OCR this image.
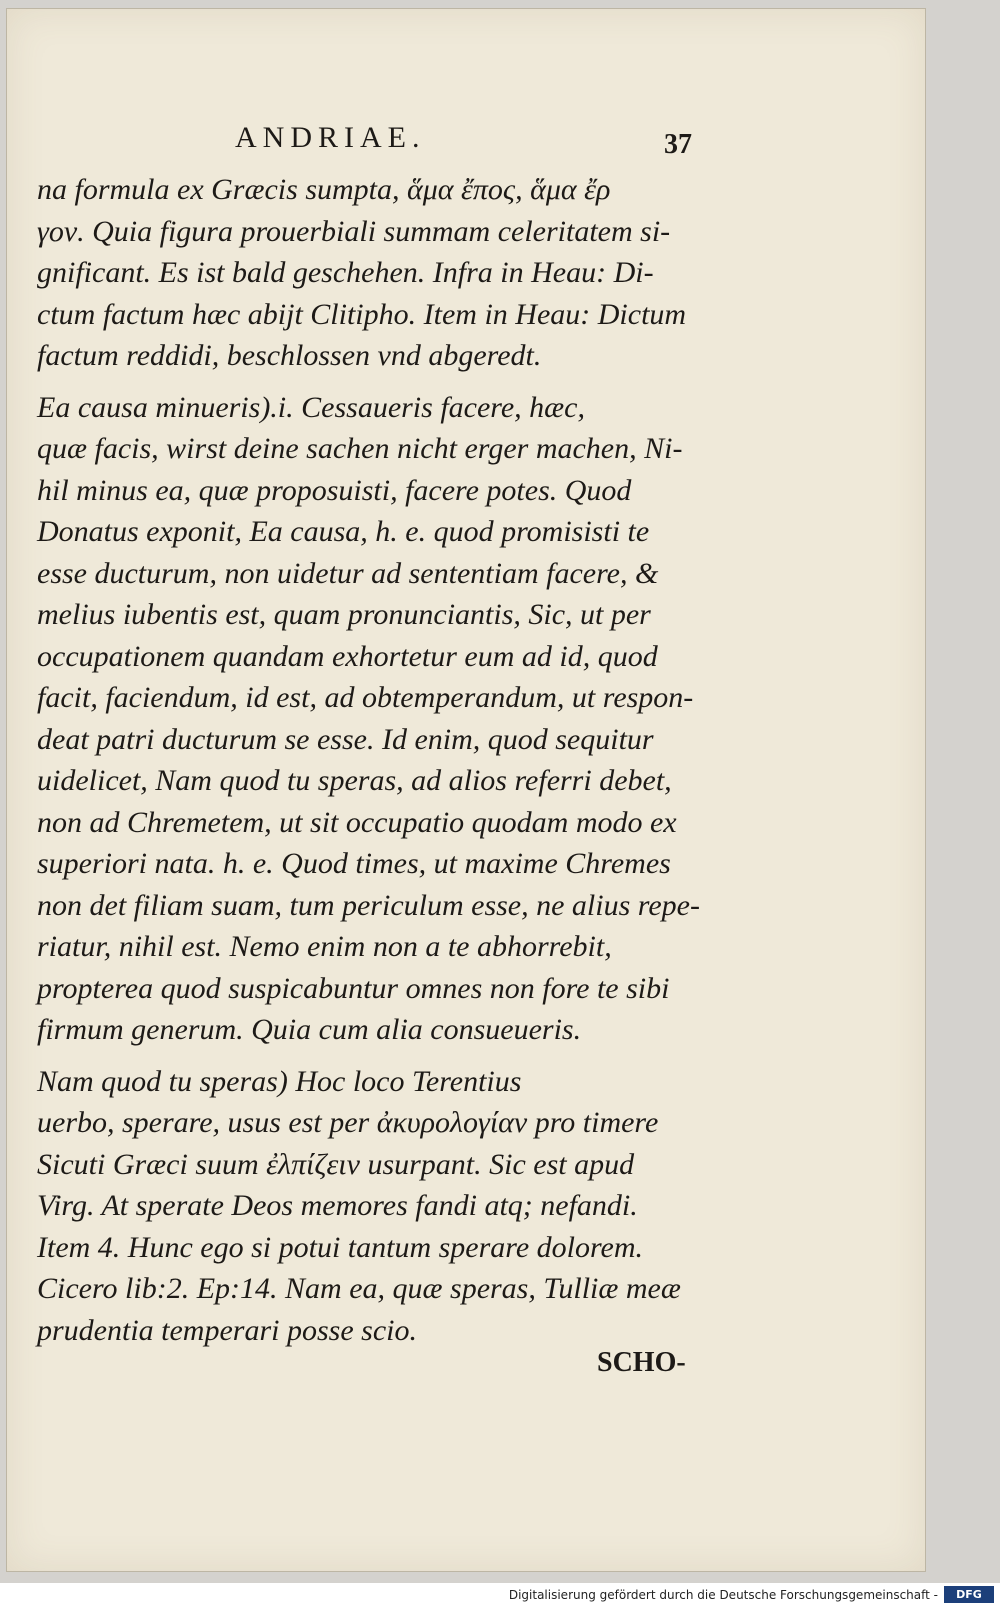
ANDRIAE.	37
na formula ex Græcis sumpta, ἅμα ἔπος, ἅμα ἔρ
γον. Quia figura prouerbiali summam celeritatem si-
gnificant. Es ist bald geschehen. Infra in Heau: Di-
ctum factum hæc abijt Clitipho. Item in Heau: Dictum
factum reddidi, beschlossen vnd abgeredt.
Ea causa minueris).i. Cessaueris facere, hæc,
quæ facis, wirst deine sachen nicht erger machen, Ni-
hil minus ea, quæ proposuisti, facere potes. Quod
Donatus exponit, Ea causa, h. e. quod promisisti te
esse ducturum, non uidetur ad sententiam facere, &
melius iubentis est, quam pronunciantis, Sic, ut per
occupationem quandam exhortetur eum ad id, quod
facit, faciendum, id est, ad obtemperandum, ut respon-
deat patri ducturum se esse. Id enim, quod sequitur
uidelicet, Nam quod tu speras, ad alios referri debet,
non ad Chremetem, ut sit occupatio quodam modo ex
superiori nata. h. e. Quod times, ut maxime Chremes
non det filiam suam, tum periculum esse, ne alius repe-
riatur, nihil est. Nemo enim non a te abhorrebit,
propterea quod suspicabuntur omnes non fore te sibi
firmum generum. Quia cum alia consueueris.
Nam quod tu speras) Hoc loco Terentius
uerbo, sperare, usus est per ἀκυρολογίαν pro timere
Sicuti Græci suum ἐλπίζειν usurpant. Sic est apud
Virg. At sperate Deos memores fandi atq; nefandi.
Item 4. Hunc ego si potui tantum sperare dolorem.
Cicero lib:2. Ep:14. Nam ea, quæ speras, Tulliæ meæ
prudentia temperari posse scio.
SCHO-
Digitalisierung gefördert durch die Deutsche Forschungsgemeinschaft -	DFG
